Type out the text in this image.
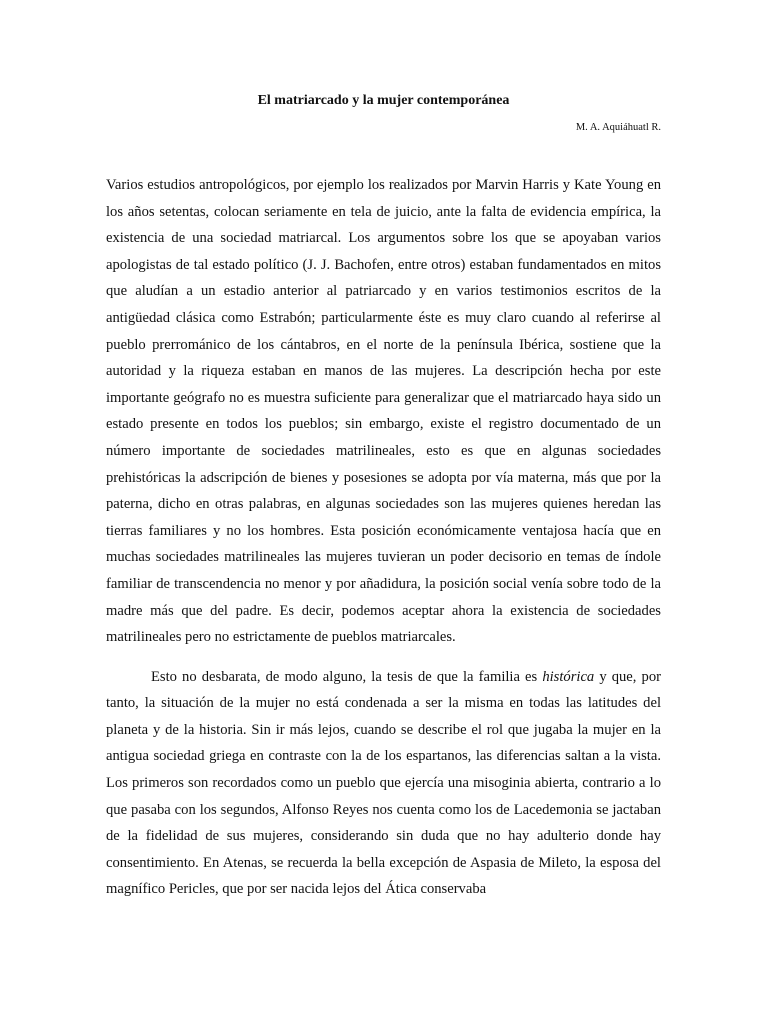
El matriarcado y la mujer contemporánea

M. A. Aquiáhuatl R.

Varios estudios antropológicos, por ejemplo los realizados por Marvin Harris y Kate Young en los años setentas, colocan seriamente en tela de juicio, ante la falta de evidencia empírica, la existencia de una sociedad matriarcal. Los argumentos sobre los que se apoyaban varios apologistas de tal estado político (J. J. Bachofen, entre otros) estaban fundamentados en mitos que aludían a un estadio anterior al patriarcado y en varios testimonios escritos de la antigüedad clásica como Estrabón; particularmente éste es muy claro cuando al referirse al pueblo prerrománico de los cántabros, en el norte de la península Ibérica, sostiene que la autoridad y la riqueza estaban en manos de las mujeres. La descripción hecha por este importante geógrafo no es muestra suficiente para generalizar que el matriarcado haya sido un estado presente en todos los pueblos; sin embargo, existe el registro documentado de un número importante de sociedades matrilineales, esto es que en algunas sociedades prehistóricas la adscripción de bienes y posesiones se adopta por vía materna, más que por la paterna, dicho en otras palabras, en algunas sociedades son las mujeres quienes heredan las tierras familiares y no los hombres. Esta posición económicamente ventajosa hacía que en muchas sociedades matrilineales las mujeres tuvieran un poder decisorio en temas de índole familiar de transcendencia no menor y por añadidura, la posición social venía sobre todo de la madre más que del padre. Es decir, podemos aceptar ahora la existencia de sociedades matrilineales pero no estrictamente de pueblos matriarcales.

Esto no desbarata, de modo alguno, la tesis de que la familia es histórica y que, por tanto, la situación de la mujer no está condenada a ser la misma en todas las latitudes del planeta y de la historia. Sin ir más lejos, cuando se describe el rol que jugaba la mujer en la antigua sociedad griega en contraste con la de los espartanos, las diferencias saltan a la vista. Los primeros son recordados como un pueblo que ejercía una misoginia abierta, contrario a lo que pasaba con los segundos, Alfonso Reyes nos cuenta como los de Lacedemonia se jactaban de la fidelidad de sus mujeres, considerando sin duda que no hay adulterio donde hay consentimiento. En Atenas, se recuerda la bella excepción de Aspasia de Mileto, la esposa del magnífico Pericles, que por ser nacida lejos del Ática conservaba
